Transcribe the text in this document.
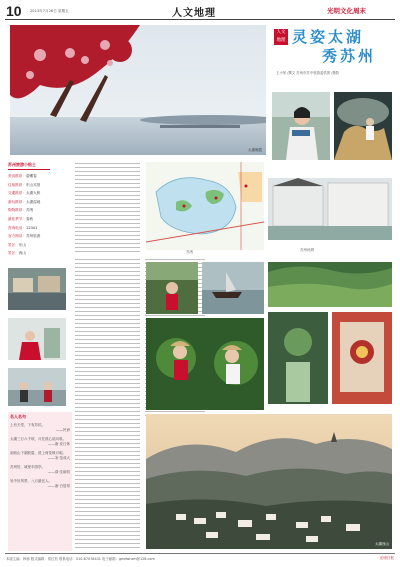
10 2013年7月26日 星期五	人文地理	光明文化周末
太湖晚霞
人文
地理 灵姿太湖
秀苏州
王小荣 /撰文 苏州市苏中旅游委供图 /摄影
苏州旅游小贴士
美食推荐：碧螺春
住宿推荐：东山宾馆
交通推荐：太湖大桥
游玩推荐：太湖湿地
购物推荐：苏绣
最佳季节：春秋
咨询电话：12301
官方网站：苏州旅游
景区：东山
景区：西山
名人名句
上有天堂，下有苏杭。
——民谚
太湖三万六千顷，月在波心说向谁。
——唐·皮日休
洞庭山下湖波碧，波上荷花映月明。
——宋·范成大
苏州好，城里半园亭。
——清·沈朝初
吴中好风景，八月最宜人。
——唐·白居易
苏州丝绸
苏绣
太湖西山
本版主编：韩寒 版式编辑：郑红松 联系电话：010-67078431 电子邮箱：gmdwhzm@126.com	光明日报
